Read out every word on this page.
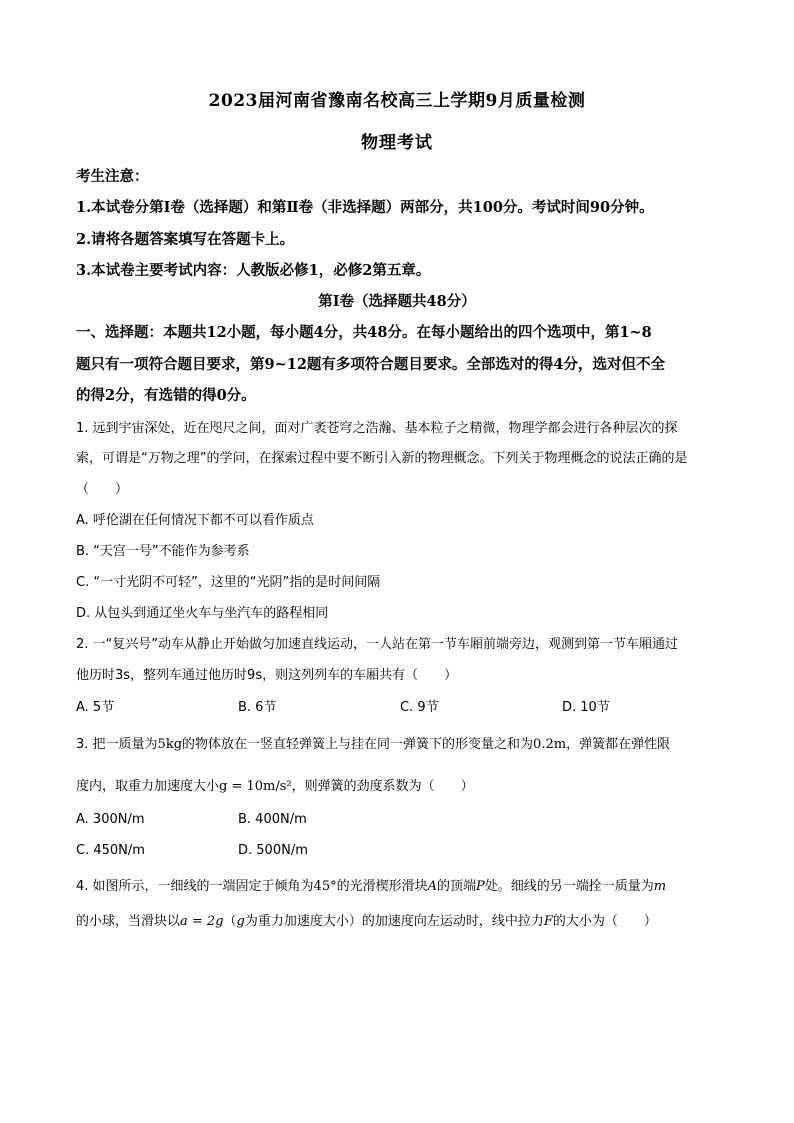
2023届河南省豫南名校高三上学期9月质量检测
物理考试
考生注意：
1.本试卷分第Ⅰ卷（选择题）和第Ⅱ卷（非选择题）两部分，共100分。考试时间90分钟。
2.请将各题答案填写在答题卡上。
3.本试卷主要考试内容：人教版必修1，必修2第五章。
第Ⅰ卷（选择题共48分）
一、选择题：本题共12小题，每小题4分，共48分。在每小题给出的四个选项中，第1~8
题只有一项符合题目要求，第9~12题有多项符合题目要求。全部选对的得4分，选对但不全
的得2分，有选错的得0分。
1. 远到宇宙深处，近在咫尺之间，面对广袤苍穹之浩瀚、基本粒子之精微，物理学都会进行各种层次的探
索，可谓是“万物之理”的学问，在探索过程中要不断引入新的物理概念。下列关于物理概念的说法正确的是
（　　）
A. 呼伦湖在任何情况下都不可以看作质点
B. “天宫一号”不能作为参考系
C. “一寸光阴不可轻”，这里的“光阴”指的是时间间隔
D. 从包头到通辽坐火车与坐汽车的路程相同
2. 一“复兴号”动车从静止开始做匀加速直线运动，一人站在第一节车厢前端旁边，观测到第一节车厢通过
他历时3s，整列车通过他历时9s，则这列列车的车厢共有（　　）
A. 5节	B. 6节	C. 9节	D. 10节
3. 把一质量为5kg的物体放在一竖直轻弹簧上与挂在同一弹簧下的形变量之和为0.2m，弹簧都在弹性限
度内，取重力加速度大小g = 10m/s²，则弹簧的劲度系数为（　　）
A. 300N/m	B. 400N/m
C. 450N/m	D. 500N/m
4. 如图所示，一细线的一端固定于倾角为45°的光滑楔形滑块A的顶端P处。细线的另一端拴一质量为m
的小球，当滑块以a = 2g（g为重力加速度大小）的加速度向左运动时，线中拉力F的大小为（　　）
